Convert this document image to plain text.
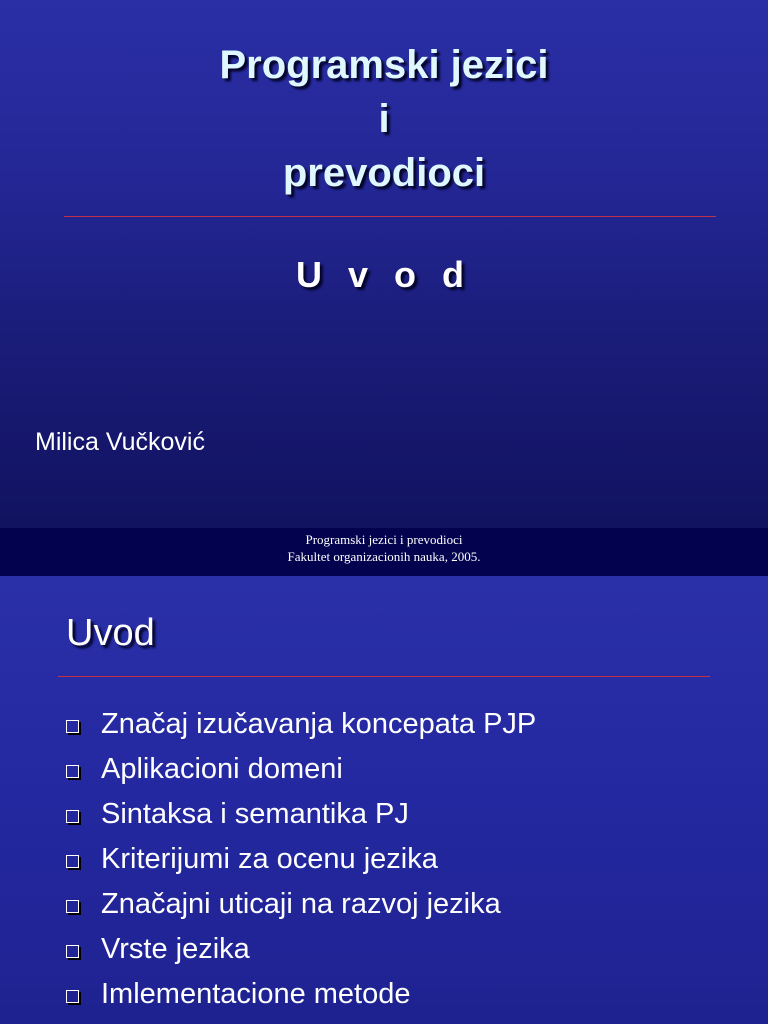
Programski jezici
i
prevodioci
U v o d
Milica Vučković
Programski jezici i prevodioci
Fakultet organizacionih nauka, 2005.
Uvod
Značaj izučavanja koncepata PJP
Aplikacioni domeni
Sintaksa i semantika PJ
Kriterijumi za ocenu jezika
Značajni uticaji na razvoj jezika
Vrste jezika
Imlementacione metode
